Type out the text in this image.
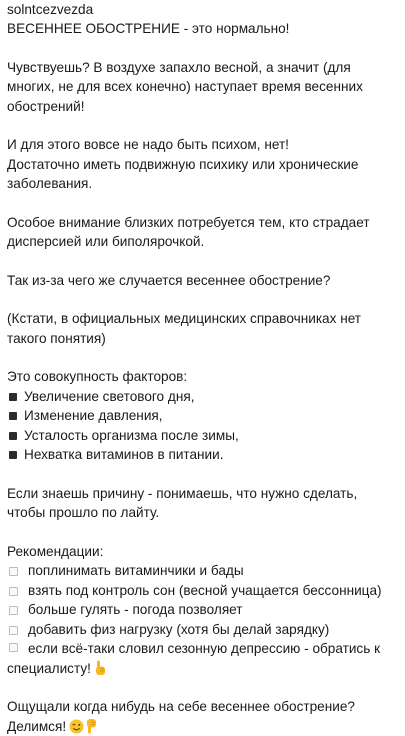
solntcezvezda
ВЕСЕННЕЕ ОБОСТРЕНИЕ - это нормально!
Чувствуешь? В воздухе запахло весной, а значит (для многих, не для всех конечно) наступает время весенних обострений!
И для этого вовсе не надо быть психом, нет!
Достаточно иметь подвижную психику или хронические заболевания.
Особое внимание близких потребуется тем, кто страдает дисперсией или биполярочкой.
Так из-за чего же случается весеннее обострение?
(Кстати, в официальных медицинских справочниках нет такого понятия)
Это совокупность факторов:
Увеличение светового дня,
Изменение давления,
Усталость организма после зимы,
Нехватка витаминов в питании.
Если знаешь причину - понимаешь, что нужно сделать, чтобы прошло по лайту.
Рекомендации:
поплинимать витаминчики и бады
взять под контроль сон (весной учащается бессонница)
больше гулять - погода позволяет
добавить физ нагрузку (хотя бы делай зарядку)
если всё-таки словил сезонную депрессию - обратись к специалисту!
Ощущали когда нибудь на себе весеннее обострение?
Делимся!
